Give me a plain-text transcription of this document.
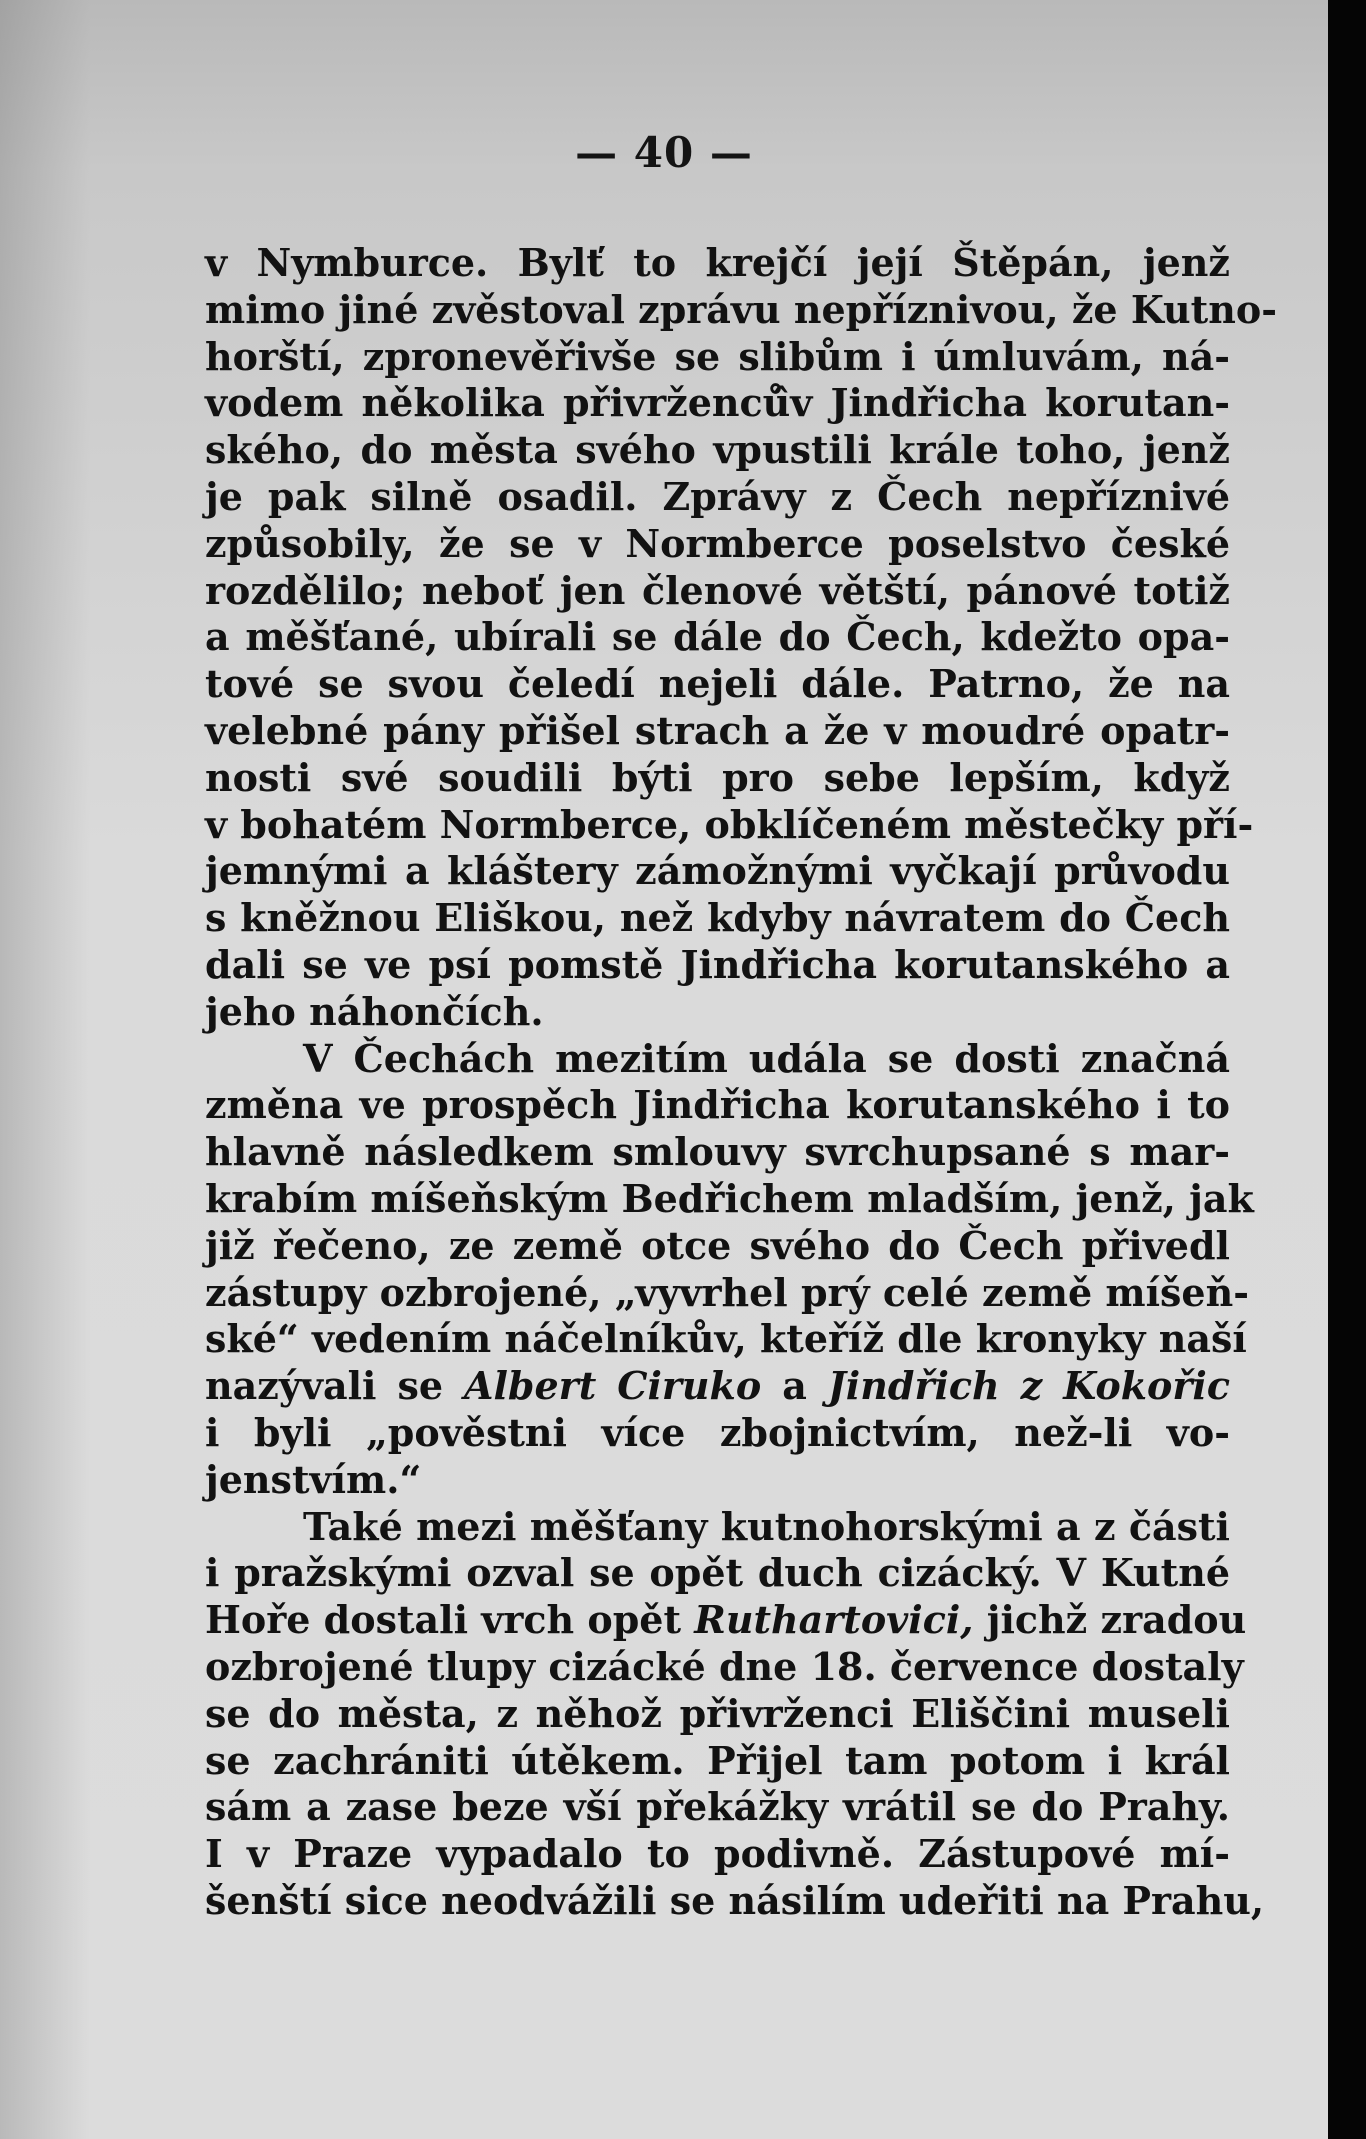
— 40 —
v Nymburce. Bylť to krejčí její Štěpán, jenž
mimo jiné zvěstoval zprávu nepříznivou, že Kutno-
horští, zpronevěřivše se slibům i úmluvám, ná-
vodem několika přivrženců̂v Jindřicha korutan-
ského, do města svého vpustili krále toho, jenž
je pak silně osadil. Zprávy z Čech nepříznivé
způsobily, že se v Normberce poselstvo české
rozdělilo; neboť jen členové větští, pánové totiž
a měšťané, ubírali se dále do Čech, kdežto opa-
tové se svou čeledí nejeli dále. Patrno, že na
velebné pány přišel strach a že v moudré opatr-
nosti své soudili býti pro sebe lepším, když
v bohatém Normberce, obklíčeném městečky pří-
jemnými a kláštery zámožnými vyčkají průvodu
s kněžnou Eliškou, než kdyby návratem do Čech
dali se ve psí pomstě Jindřicha korutanského a
jeho náhončích.
V Čechách mezitím udála se dosti značná
změna ve prospěch Jindřicha korutanského i to
hlavně následkem smlouvy svrchupsané s mar-
krabím míšeňským Bedřichem mladším, jenž, jak
již řečeno, ze země otce svého do Čech přivedl
zástupy ozbrojené, „vyvrhel prý celé země míšeň-
ské“ vedením náčelníkův, kteříž dle kronyky naší
nazývali se Albert Ciruko a Jindřich z Kokořic
i byli „pověstni více zbojnictvím, než-li vo-
jenstvím.“
Také mezi měšťany kutnohorskými a z části
i pražskými ozval se opět duch cizácký. V Kutné
Hoře dostali vrch opět Ruthartovici, jichž zradou
ozbrojené tlupy cizácké dne 18. července dostaly
se do města, z něhož přivrženci Eliščini museli
se zachrániti útěkem. Přijel tam potom i král
sám a zase beze vší překážky vrátil se do Prahy.
I v Praze vypadalo to podivně. Zástupové mí-
šenští sice neodvážili se násilím udeřiti na Prahu,
